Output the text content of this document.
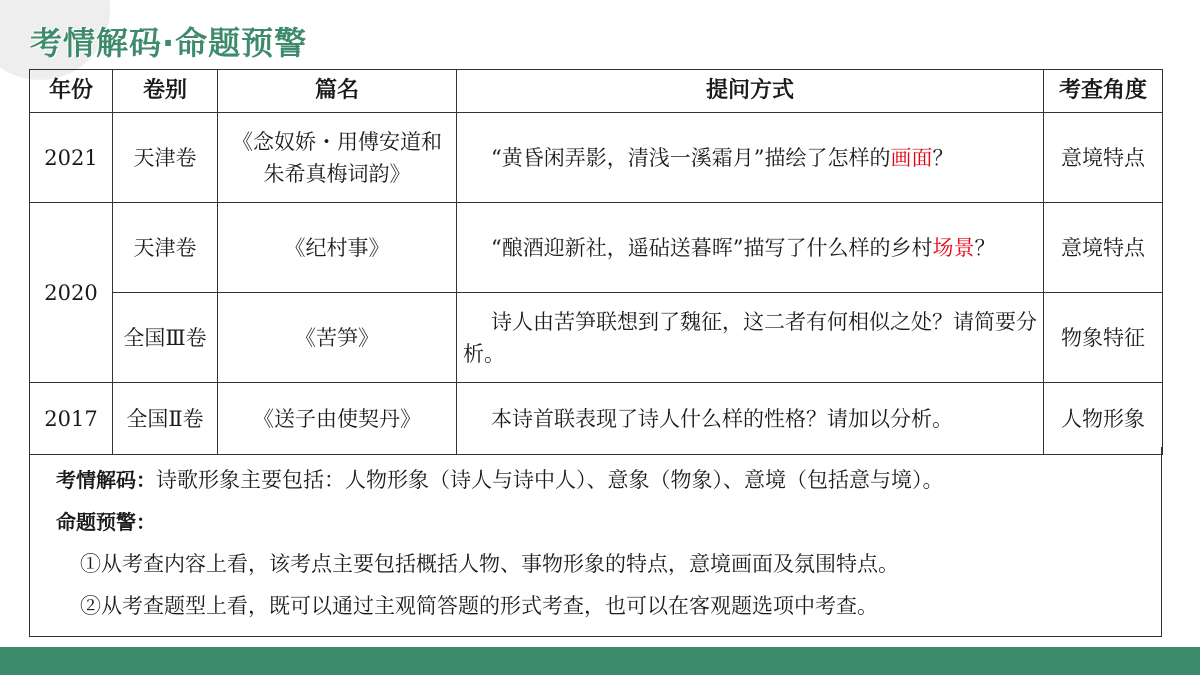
考情解码·命题预警
年份	卷别	篇名	提问方式	考查角度
2021	天津卷	《念奴娇・用傅安道和朱希真梅词韵》	“黄昏闲弄影，清浅一溪霜月”描绘了怎样的画面？	意境特点
2020	天津卷	《纪村事》	“酿酒迎新社，遥砧送暮晖”描写了什么样的乡村场景？	意境特点
	全国Ⅲ卷	《苦笋》	诗人由苦笋联想到了魏征，这二者有何相似之处？请简要分析。	物象特征
2017	全国Ⅱ卷	《送子由使契丹》	本诗首联表现了诗人什么样的性格？请加以分析。	人物形象

考情解码：诗歌形象主要包括：人物形象（诗人与诗中人）、意象（物象）、意境（包括意与境）。

命题预警：

①从考查内容上看，该考点主要包括概括人物、事物形象的特点，意境画面及氛围特点。

②从考查题型上看，既可以通过主观简答题的形式考查，也可以在客观题选项中考查。
